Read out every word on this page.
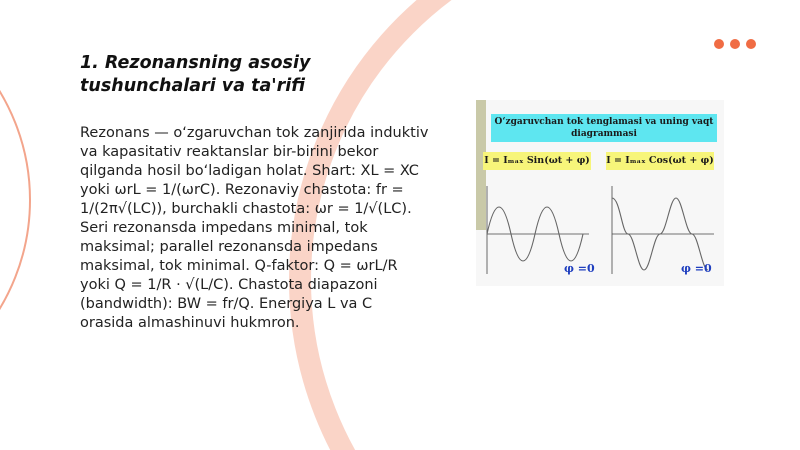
1. Rezonansning asosiy tushunchalari va ta'rifi

Rezonans — o‘zgaruvchan tok zanjirida induktiv va kapasitativ reaktanslar bir-birini bekor qilganda hosil bo‘ladigan holat. Shart: XL = XC yoki ωrL = 1/(ωrC). Rezonaviy chastota: fr = 1/(2π√(LC)), burchakli chastota: ωr = 1/√(LC). Seri rezonansda impedans minimal, tok maksimal; parallel rezonansda impedans maksimal, tok minimal. Q-faktor: Q = ωrL/R yoki Q = 1/R · √(L/C). Chastota diapazoni (bandwidth): BW = fr/Q. Energiya L va C orasida almashinuvi hukmron.

O‘zgaruvchan tok tenglamasi va uning vaqt diagrammasi
I = Iₘₐₓ Sin(ωt + φ) I = Iₘₐₓ Cos(ωt + φ)
φ =0	φ =0
